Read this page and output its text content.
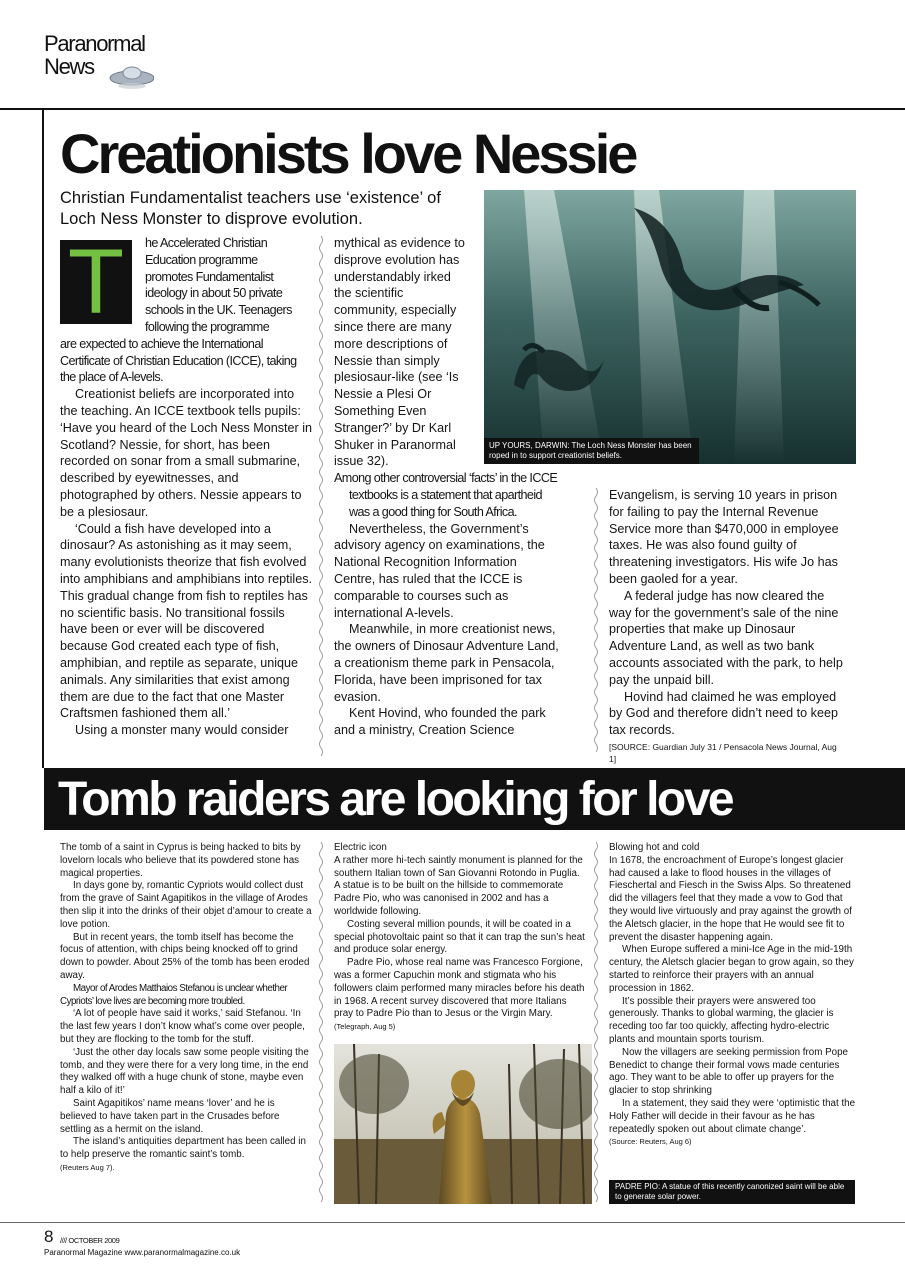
Paranormal
News
Creationists love Nessie
Christian Fundamentalist teachers use ‘existence’ of Loch Ness Monster to disprove evolution.
UP YOURS, DARWIN: The Loch Ness Monster has been roped in to support creationist beliefs.
T	he Accelerated Christian
Education programme
promotes Fundamentalist
ideology in about 50 private
schools in the UK. Teenagers
following the programme

are expected to achieve the International Certificate of Christian Education (ICCE), taking the place of A-levels.

Creationist beliefs are incorporated into the teaching. An ICCE textbook tells pupils: ‘Have you heard of the Loch Ness Monster in Scotland? Nessie, for short, has been recorded on sonar from a small submarine, described by eyewitnesses, and photographed by others. Nessie appears to be a plesiosaur.

‘Could a fish have developed into a dinosaur? As astonishing as it may seem, many evolutionists theorize that fish evolved into amphibians and amphibians into reptiles. This gradual change from fish to reptiles has no scientific basis. No transitional fossils have been or ever will be discovered because God created each type of fish, amphibian, and reptile as separate, unique animals. Any similarities that exist among them are due to the fact that one Master Craftsmen fashioned them all.’

Using a monster many would consider

mythical as evidence to disprove evolution has understandably irked the scientific community, especially since there are many more descriptions of Nessie than simply plesiosaur-like (see ‘Is Nessie a Plesi Or Something Even Stranger?’ by Dr Karl Shuker in Paranormal issue 32).

Among other controversial ‘facts’ in the ICCE textbooks is a statement that apartheid was a good thing for South Africa.

Nevertheless, the Government’s advisory agency on examinations, the National Recognition Information Centre, has ruled that the ICCE is comparable to courses such as international A-levels.

Meanwhile, in more creationist news, the owners of Dinosaur Adventure Land, a creationism theme park in Pensacola, Florida, have been imprisoned for tax evasion.

Kent Hovind, who founded the park and a ministry, Creation Science

Evangelism, is serving 10 years in prison for failing to pay the Internal Revenue Service more than $470,000 in employee taxes. He was also found guilty of threatening investigators. His wife Jo has been gaoled for a year.

A federal judge has now cleared the way for the government’s sale of the nine properties that make up Dinosaur Adventure Land, as well as two bank accounts associated with the park, to help pay the unpaid bill.

Hovind had claimed he was employed by God and therefore didn’t need to keep tax records.

[SOURCE: Guardian July 31 / Pensacola News Journal, Aug 1]
Tomb raiders are looking for love

The tomb of a saint in Cyprus is being hacked to bits by lovelorn locals who believe that its powdered stone has magical properties.

In days gone by, romantic Cypriots would collect dust from the grave of Saint Agapitikos in the village of Arodes then slip it into the drinks of their objet d’amour to create a love potion.

But in recent years, the tomb itself has become the focus of attention, with chips being knocked off to grind down to powder. About 25% of the tomb has been eroded away.

Mayor of Arodes Matthaios Stefanou is unclear whether Cypriots’ love lives are becoming more troubled.

‘A lot of people have said it works,’ said Stefanou. ‘In the last few years I don’t know what’s come over people, but they are flocking to the tomb for the stuff.

‘Just the other day locals saw some people visiting the tomb, and they were there for a very long time, in the end they walked off with a huge chunk of stone, maybe even half a kilo of it!’

Saint Agapitikos’ name means ‘lover’ and he is believed to have taken part in the Crusades before settling as a hermit on the island.

The island’s antiquities department has been called in to help preserve the romantic saint’s tomb.

(Reuters Aug 7).
Electric icon

A rather more hi-tech saintly monument is planned for the southern Italian town of San Giovanni Rotondo in Puglia. A statue is to be built on the hillside to commemorate Padre Pio, who was canonised in 2002 and has a worldwide following.

Costing several million pounds, it will be coated in a special photovoltaic paint so that it can trap the sun’s heat and produce solar energy.

Padre Pio, whose real name was Francesco Forgione, was a former Capuchin monk and stigmata who his followers claim performed many miracles before his death in 1968. A recent survey discovered that more Italians pray to Padre Pio than to Jesus or the Virgin Mary.

(Telegraph, Aug 5)
Blowing hot and cold

In 1678, the encroachment of Europe’s longest glacier had caused a lake to flood houses in the villages of Fieschertal and Fiesch in the Swiss Alps. So threatened did the villagers feel that they made a vow to God that they would live virtuously and pray against the growth of the Aletsch glacier, in the hope that He would see fit to prevent the disaster happening again.

When Europe suffered a mini-Ice Age in the mid-19th century, the Aletsch glacier began to grow again, so they started to reinforce their prayers with an annual procession in 1862.

It’s possible their prayers were answered too generously. Thanks to global warming, the glacier is receding too far too quickly, affecting hydro-electric plants and mountain sports tourism.

Now the villagers are seeking permission from Pope Benedict to change their formal vows made centuries ago. They want to be able to offer up prayers for the glacier to stop shrinking

In a statement, they said they were ‘optimistic that the Holy Father will decide in their favour as he has repeatedly spoken out about climate change’.

(Source: Reuters, Aug 6)
PADRE PIO: A statue of this recently canonized saint will be able to generate solar power.
8 //// OCTOBER 2009
Paranormal Magazine www.paranormalmagazine.co.uk
